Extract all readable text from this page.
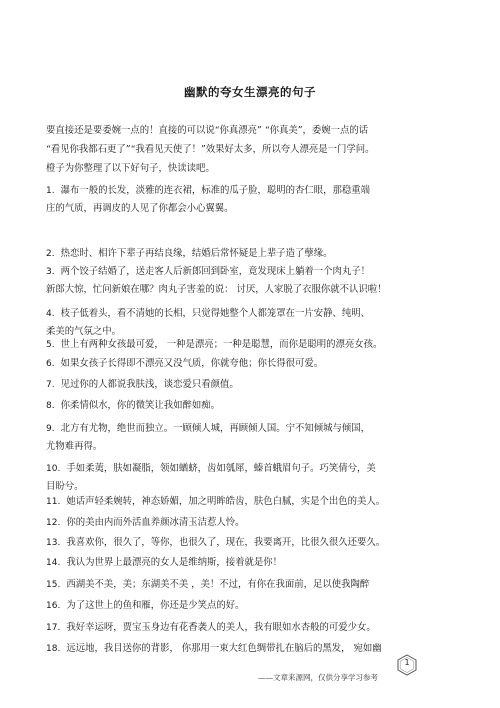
幽默的夸女生漂亮的句子

要直接还是要委婉一点的！直接的可以说“你真漂亮” “你真美”，委婉一点的话

“看见你我都石更了”“我看见天使了！”效果好太多，所以夸人漂亮是一门学问。

橙子为你整理了以下好句子，快读读吧。

1. 瀑布一般的长发，淡雅的连衣裙，标准的瓜子脸，聪明的杏仁眼，那稳重端
庄的气质，再调皮的人见了你都会小心翼翼。
2. 热恋时、相许下辈子再结良缘，结婚后常怀疑是上辈子造了孽缘。
3. 两个饺子结婚了，送走客人后新郎回到卧室，竟发现床上躺着一个肉丸子！
新郎大惊，忙问新娘在哪？肉丸子害羞的说： 讨厌，人家脱了衣服你就不认识啦！
4. 枝子低着头，看不清她的长相，只觉得她整个人都笼罩在一片安静、纯明、
柔美的气氛之中。
5. 世上有两种女孩最可爱， 一种是漂亮；一种是聪慧，而你是聪明的漂亮女孩。
6. 如果女孩子长得即不漂亮又没气质，你就夸他；你长得很可爱。
7. 见过你的人都说我肤浅，谈恋爱只看颜值。
8. 你柔情似水，你的微笑让我如醉如痴。
9. 北方有尤物，绝世而独立。一顾倾人城，再顾倾人国。宁不知倾城与倾国，
尤物难再得。
10. 手如柔荑，肤如凝脂，领如蝤蛴，齿如瓠犀，螓首蛾眉句子。巧笑倩兮，美
目盼兮。
11. 她话声轻柔婉转，神态娇媚，加之明眸皓齿，肤色白腻，实是个出色的美人。
12. 你的美由内而外活血养颜冰清玉洁惹人怜。
13. 我喜欢你，很久了，等你，也很久了，现在，我要离开，比很久很久还要久。
14. 我认为世界上最漂亮的女人是维纳斯，接着就是你！
15. 西湖美不美，美；东湖美不美 ，美！不过，有你在我面前，足以使我陶醉
16. 为了这世上的鱼和雁，你还是少笑点的好。
17. 我好幸运呀，贾宝玉身边有花香袭人的美人，我有眼如水杏般的可爱少女。
18. 远远地，我目送你的背影， 你那用一束大红色绸带扎在脑后的黑发， 宛如幽
1
——文章来源网，仅供分享学习参考
